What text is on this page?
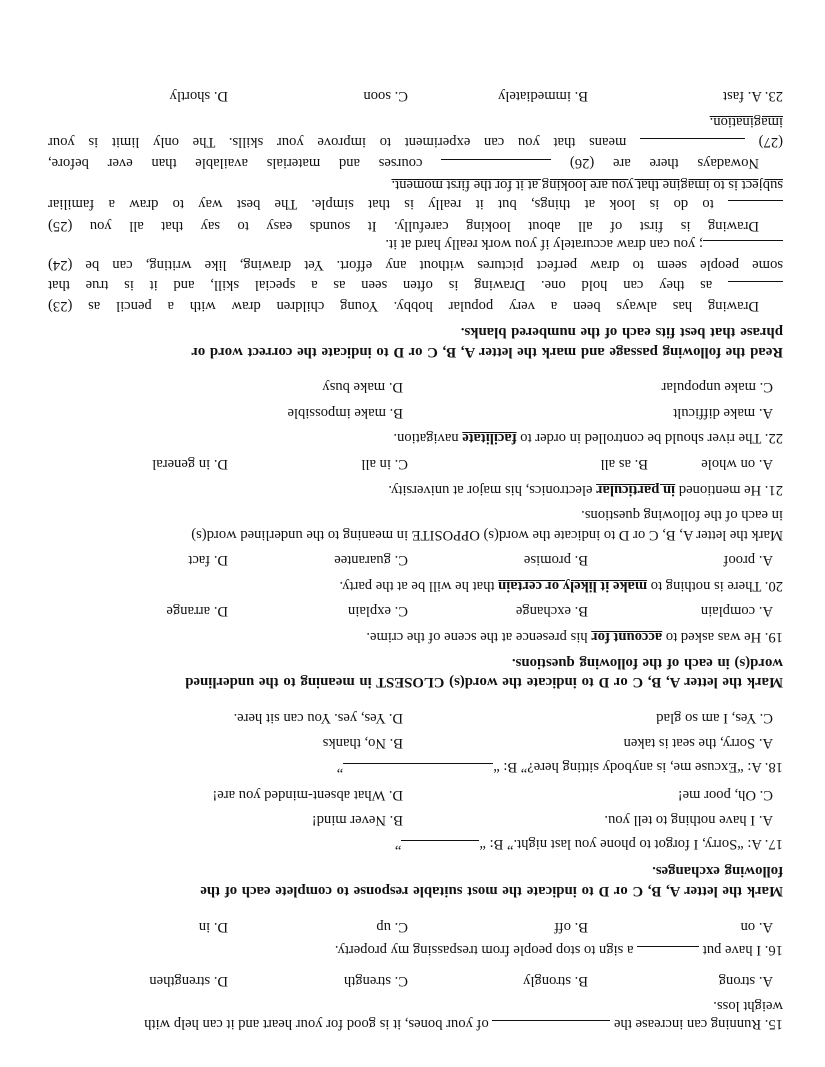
15. Running can increase the  of your bones, it is good for your heart and it can help with
weight loss.
A. strong
B. strongly
C. strength
D. strengthen
16. I have put  a sign to stop people from trespassing my property.
A. on
B. off
C. up
D. in
Mark the letter A, B, C or D to indicate the most suitable response to complete each of the
following exchanges.
17. A: “Sorry, I forgot to phone you last night.” B: “”
A. I have nothing to tell you.
B. Never mind!
C. Oh, poor me!
D. What absent-minded you are!
18. A: “Excuse me, is anybody sitting here?” B: “”
A. Sorry, the seat is taken
B. No, thanks
C. Yes, I am so glad
D. Yes, yes. You can sit here.
Mark the letter A, B, C or D to indicate the word(s) CLOSEST in meaning to the underlined
word(s) in each of the following questions.
19. He was asked to account for his presence at the scene of the crime.
A. complain
B. exchange
C. explain
D. arrange
20. There is nothing to make it likely or certain that he will be at the party.
A. proof
B. promise
C. guarantee
D. fact
Mark the letter A, B, C or D to indicate the word(s) OPPOSITE in meaning to the underlined word(s)
in each of the following questions.
21. He mentioned in particular electronics, his major at university.
A. on whole
B. as all
C. in all
D. in general
22. The river should be controlled in order to facilitate navigation.
A. make difficult
B. make impossible
C. make unpopular
D. make busy
Read the following passage and mark the letter A, B, C or D to indicate the correct word or
phrase that best fits each of the numbered blanks.
Drawing has always been a very popular hobby. Young children draw with a pencil as (23)
as they can hold one. Drawing is often seen as a special skill, and it is true that
some people seem to draw perfect pictures without any effort. Yet drawing, like writing, can be (24)
; you can draw accurately if you work really hard at it.
Drawing is first of all about looking carefully. It sounds easy to say that all you (25)
to do is look at things, but it really is that simple. The best way to draw a familiar
subject is to imagine that you are looking at it for the first moment.
Nowadays there are (26)  courses and materials available than ever before,
(27)  means that you can experiment to improve your skills. The only limit is your
imagination.
23. A. fast
B. immediately
C. soon
D. shortly
